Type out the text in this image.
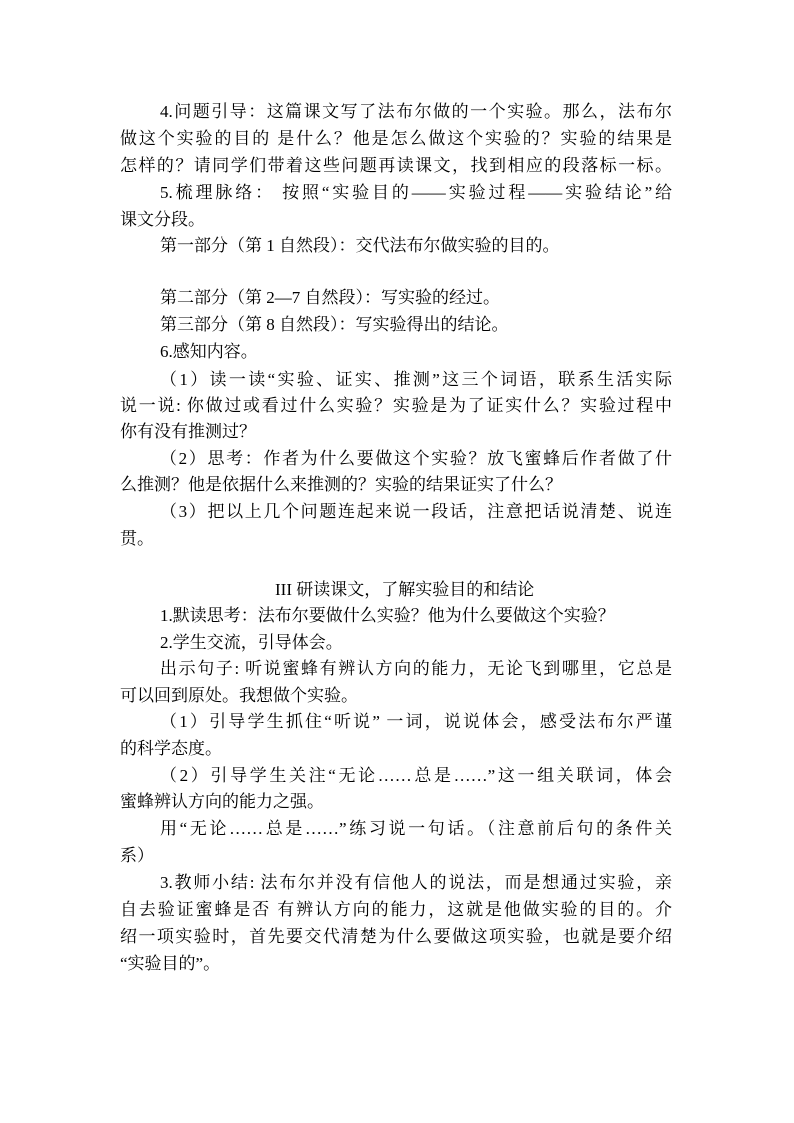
4.问题引导：这篇课文写了法布尔做的一个实验。那么，法布尔
做这个实验的目的 是什么？他是怎么做这个实验的？实验的结果是
怎样的？请同学们带着这些问题再读课文，找到相应的段落标一标。
5.梳理脉络： 按照“实验目的——实验过程——实验结论”给
课文分段。
第一部分（第 1 自然段）：交代法布尔做实验的目的。
第二部分（第 2—7 自然段）：写实验的经过。
第三部分（第 8 自然段）：写实验得出的结论。
6.感知内容。
（1）读一读“实验、证实、推测”这三个词语，联系生活实际
说一说: 你做过或看过什么实验？实验是为了证实什么？实验过程中
你有没有推测过？
（2）思考：作者为什么要做这个实验？放飞蜜蜂后作者做了什
么推测？他是依据什么来推测的？实验的结果证实了什么？
（3）把以上几个问题连起来说一段话，注意把话说清楚、说连
贯。
III 研读课文，了解实验目的和结论
1.默读思考：法布尔要做什么实验？他为什么要做这个实验？
2.学生交流，引导体会。
出示句子: 听说蜜蜂有辨认方向的能力，无论飞到哪里，它总是
可以回到原处。我想做个实验。
（1）引导学生抓住“听说” 一词，说说体会，感受法布尔严谨
的科学态度。
（2）引导学生关注“无论……总是……”这一组关联词，体会
蜜蜂辨认方向的能力之强。
用“无论……总是……”练习说一句话。（注意前后句的条件关
系）
3.教师小结: 法布尔并没有信他人的说法，而是想通过实验，亲
自去验证蜜蜂是否 有辨认方向的能力，这就是他做实验的目的。介
绍一项实验时，首先要交代清楚为什么要做这项实验，也就是要介绍
“实验目的”。
